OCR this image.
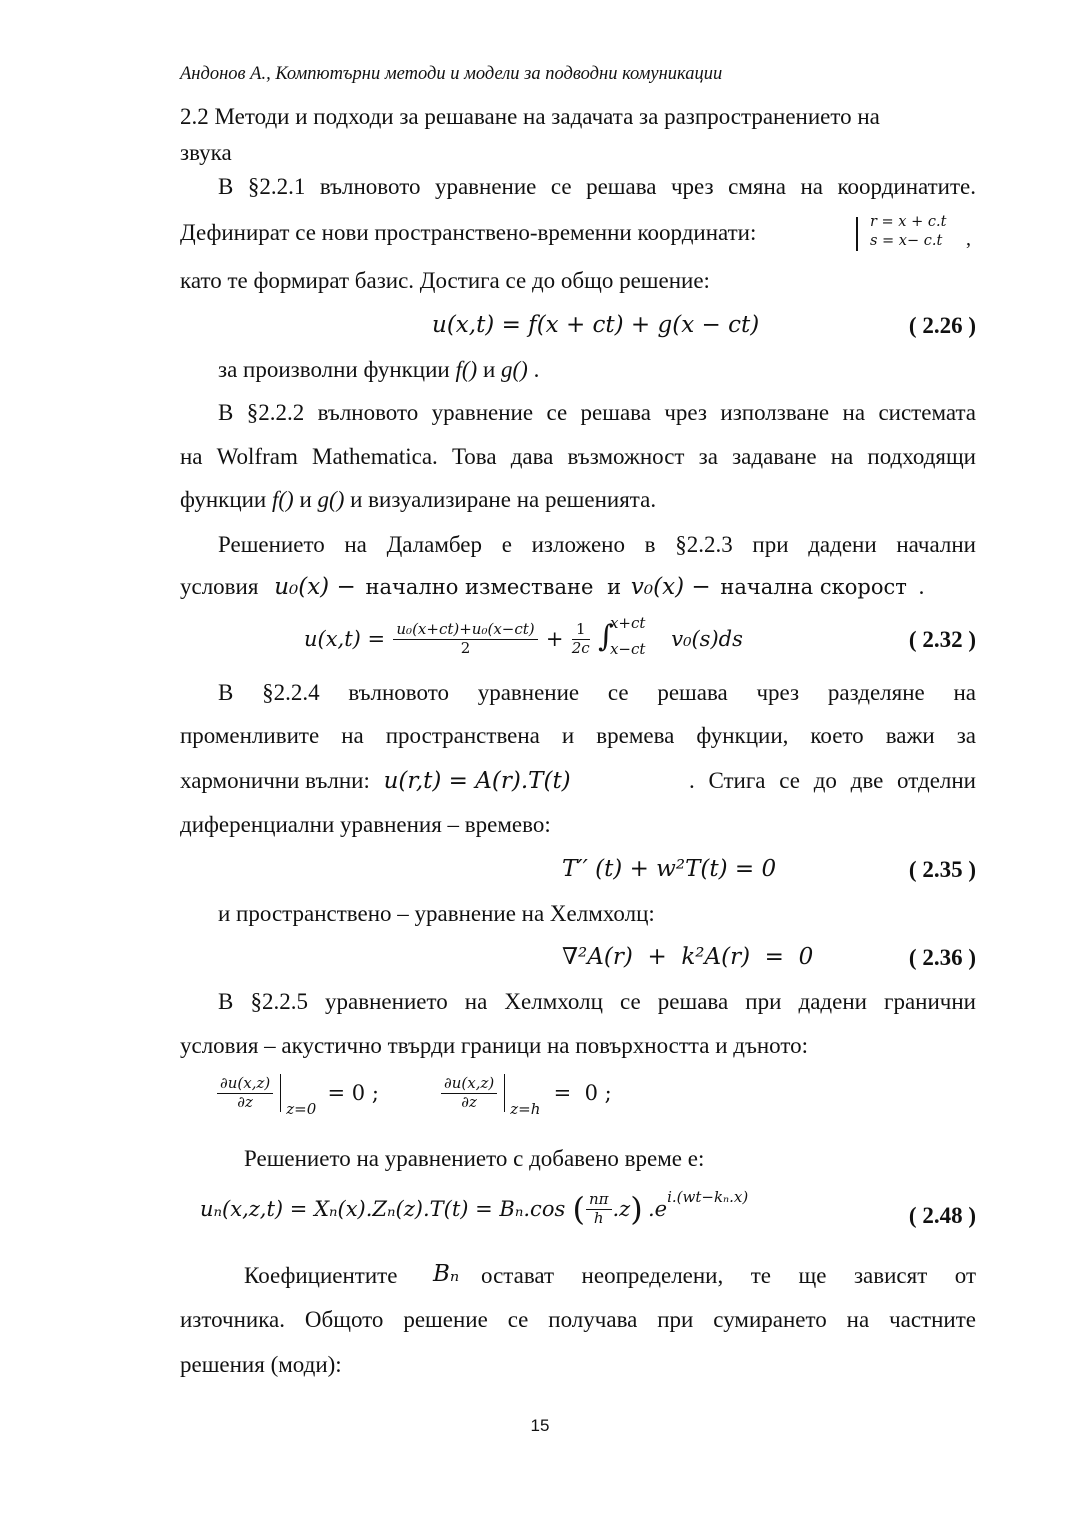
Андонов А., Компютърни методи и модели за подводни комуникации
2.2 Методи и подходи за решаване на задачата за разпространението на
звука
В §2.2.1 вълновото уравнение се решава чрез смяна на координатите.
Дефинират се нови пространствено-временни координати:	r = x + c.t
s = x− c.t ,
като те формират базис. Достига се до общо решение:
u(x,t) = f(x + ct) + g(x − ct)	( 2.26 )
за произволни функции f() и g() .
В §2.2.2 вълновото уравнение се решава чрез използване на системата
на Wolfram Mathematica. Това дава възможност за задаване на подходящи
функции f() и g() и визуализиране на решенията.
Решението на Даламбер е изложено в §2.2.3 при дадени начални
условия u₀(x) − начално изместване и v₀(x) − начална скорост .
$u(x,t) = \frac{\text{u₀(x+ct)+u₀(x−ct)}}{2} + \frac{1}{2c}$
∫
x+ct
x−ct v₀(s)ds	( 2.32 )
В §2.2.4 вълновото уравнение се решава чрез разделяне на
променливите на пространствена и времева функции, което важи за
хармонични вълни: u(r,t) = A(r).T(t)	. Стига се до две отделни
диференциални уравнения – времево:
T′′ (t) + w²T(t) = 0	( 2.35 )
и пространствено – уравнение на Хелмхолц:
∇²A(r)  +  k²A(r)  =  0	( 2.36 )
В §2.2.5 уравнението на Хелмхолц се решава при дадени гранични
условия – акустично твърди граници на повърхността и дъното:
$\frac{\partial u(x,z)}{\partial z} _{z=0} = 0$ ;	$\frac{\partial u(x,z)}{\partial z} _{z=h} = 0$ ;
Решението на уравнението с добавено време е:
uₙ(x,z,t) = Xₙ(x).Zₙ(z).T(t) = Bₙ.cos ( $\frac{n\pi}{h} .z$) $.e^{i.(wt-k_n.x)}$
( 2.48 )
Коефициентите	Bₙ остават неопределени, те ще зависят от
източника. Общото решение се получава при сумирането на частните
решения (моди):
15
